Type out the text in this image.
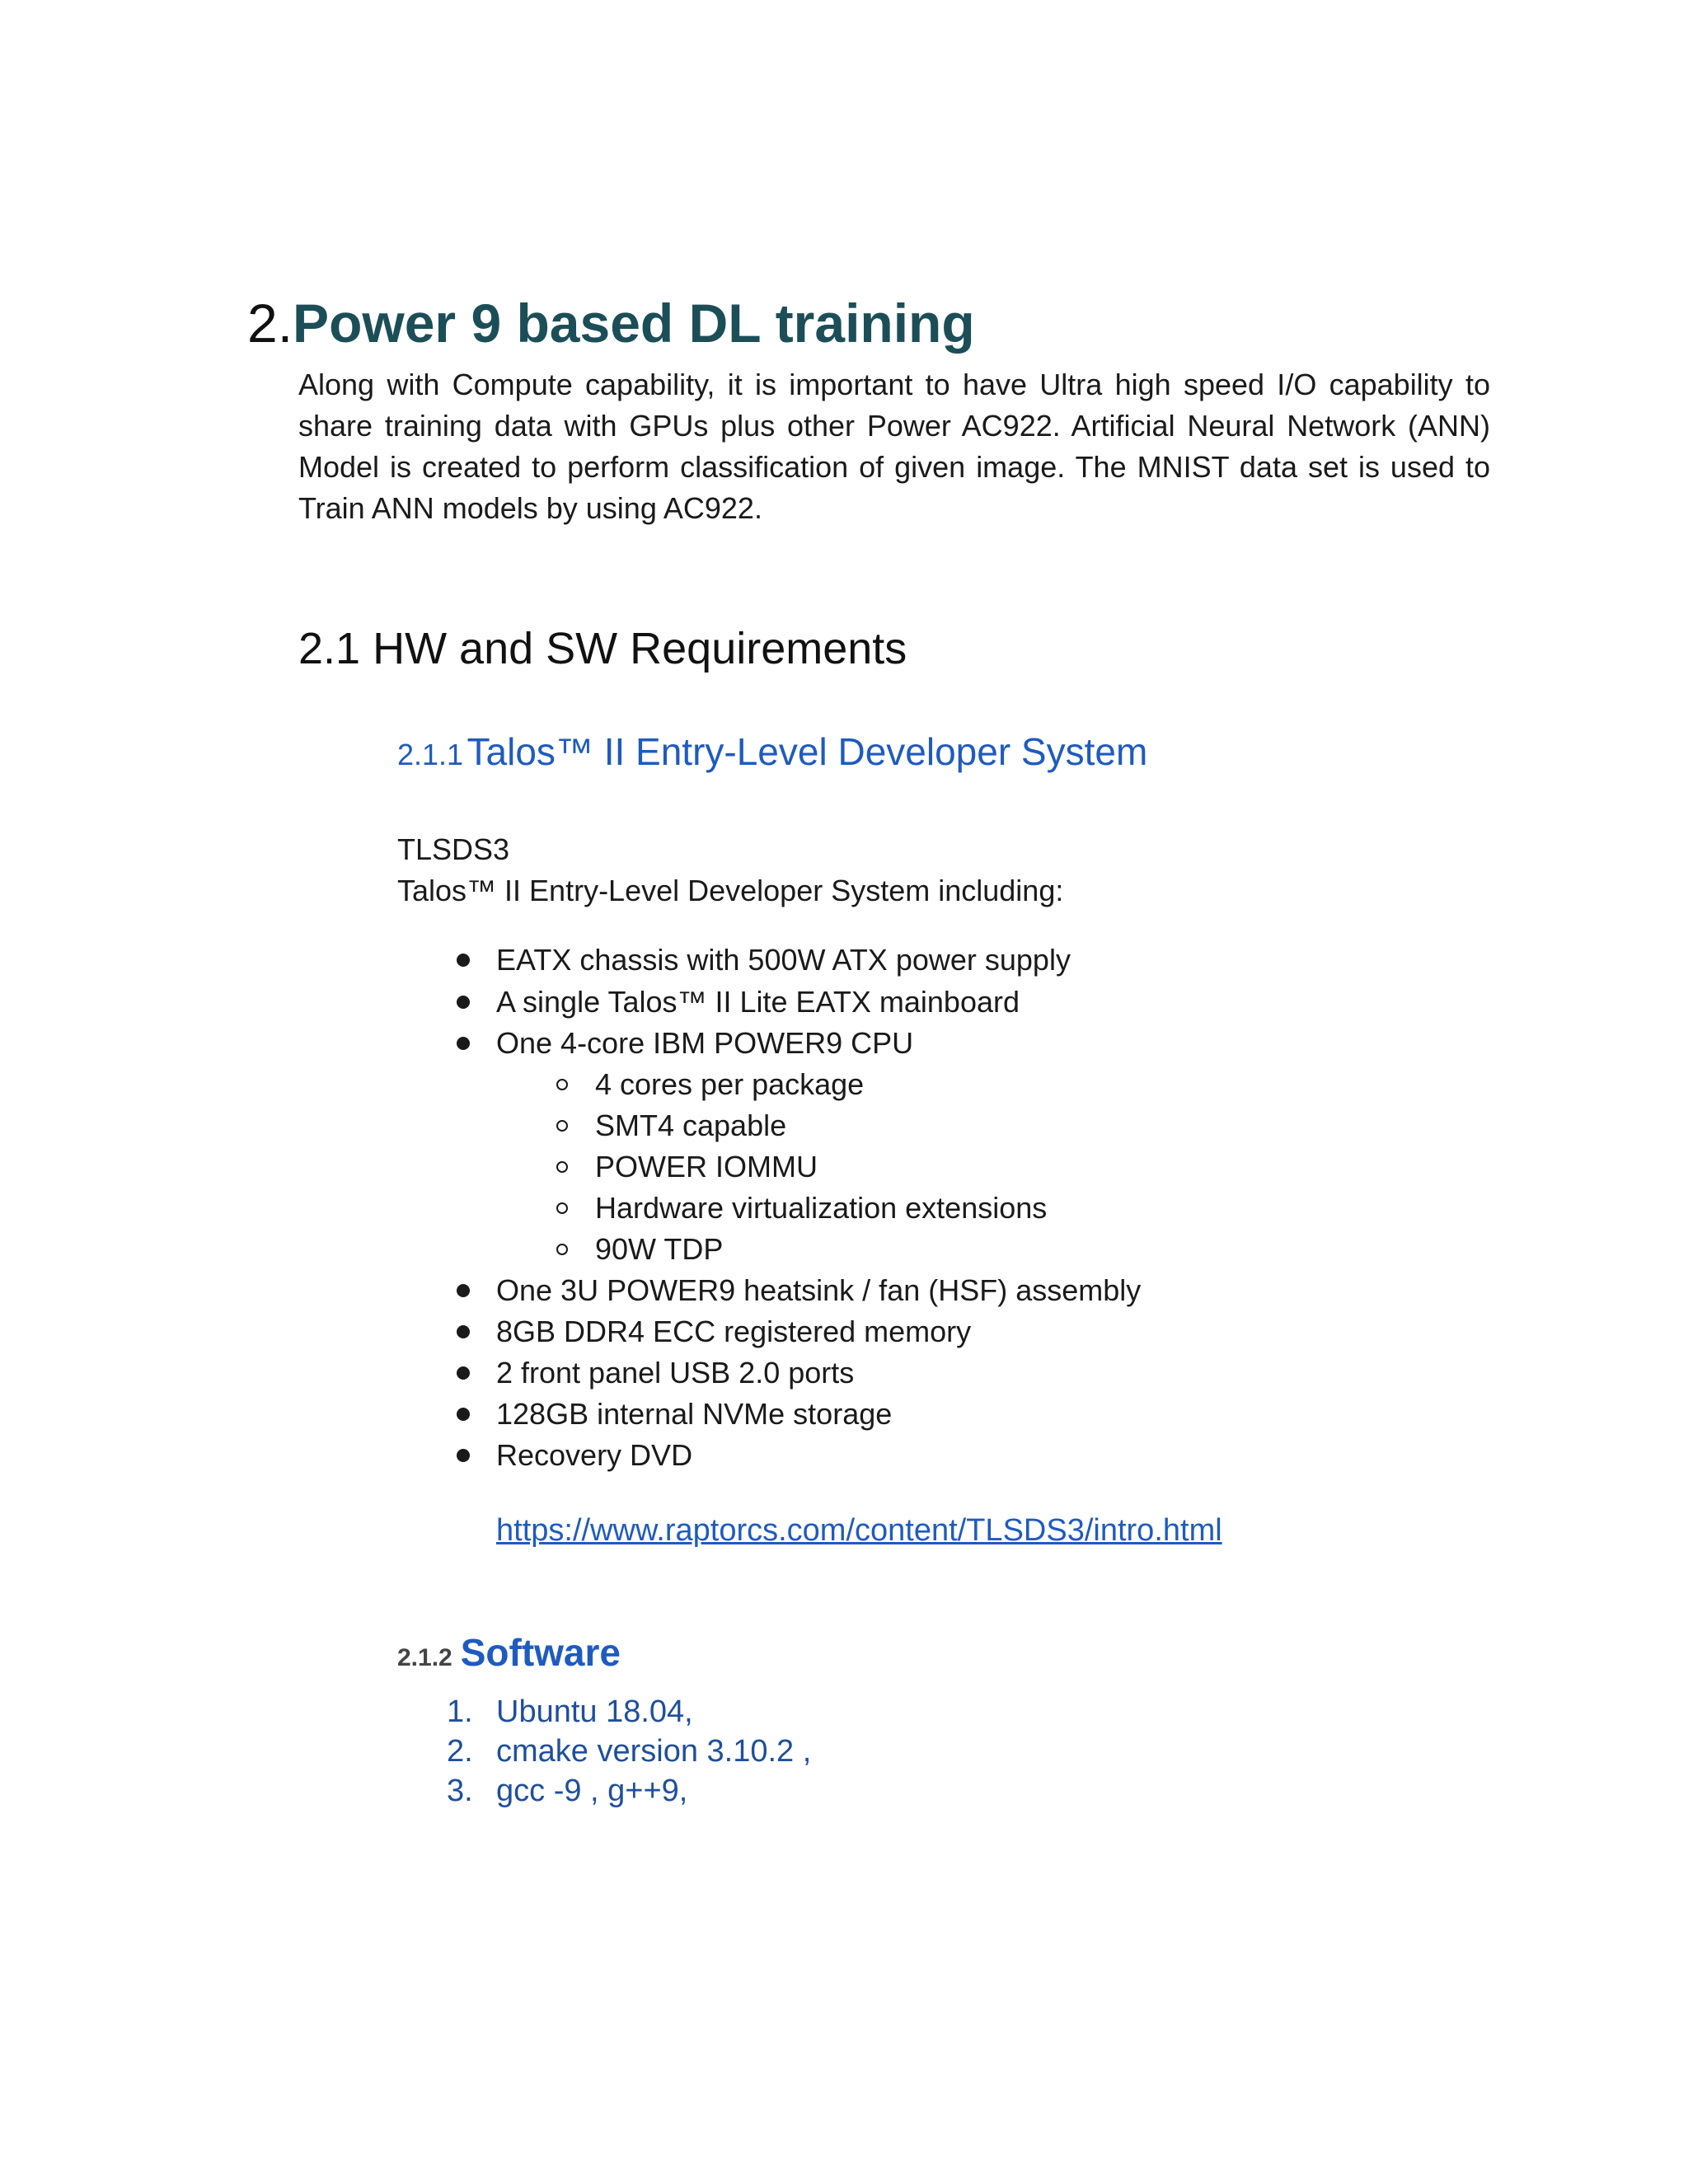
2.Power 9 based DL training
Along with Compute capability, it is important to have Ultra high speed I/O capability to share training data with GPUs plus other Power AC922. Artificial Neural Network (ANN) Model is created to perform classification of given image. The MNIST data set is used to Train ANN models by using AC922.
2.1 HW and SW Requirements
2.1.1 Talos™ II Entry-Level Developer System
TLSDS3
Talos™ II Entry-Level Developer System including:
EATX chassis with 500W ATX power supply
A single Talos™ II Lite EATX mainboard
One 4-core IBM POWER9 CPU
4 cores per package
SMT4 capable
POWER IOMMU
Hardware virtualization extensions
90W TDP
One 3U POWER9 heatsink / fan (HSF) assembly
8GB DDR4 ECC registered memory
2 front panel USB 2.0 ports
128GB internal NVMe storage
Recovery DVD
https://www.raptorcs.com/content/TLSDS3/intro.html
2.1.2 Software
1. Ubuntu 18.04,
2. cmake version 3.10.2 ,
3. gcc -9 , g++9,
